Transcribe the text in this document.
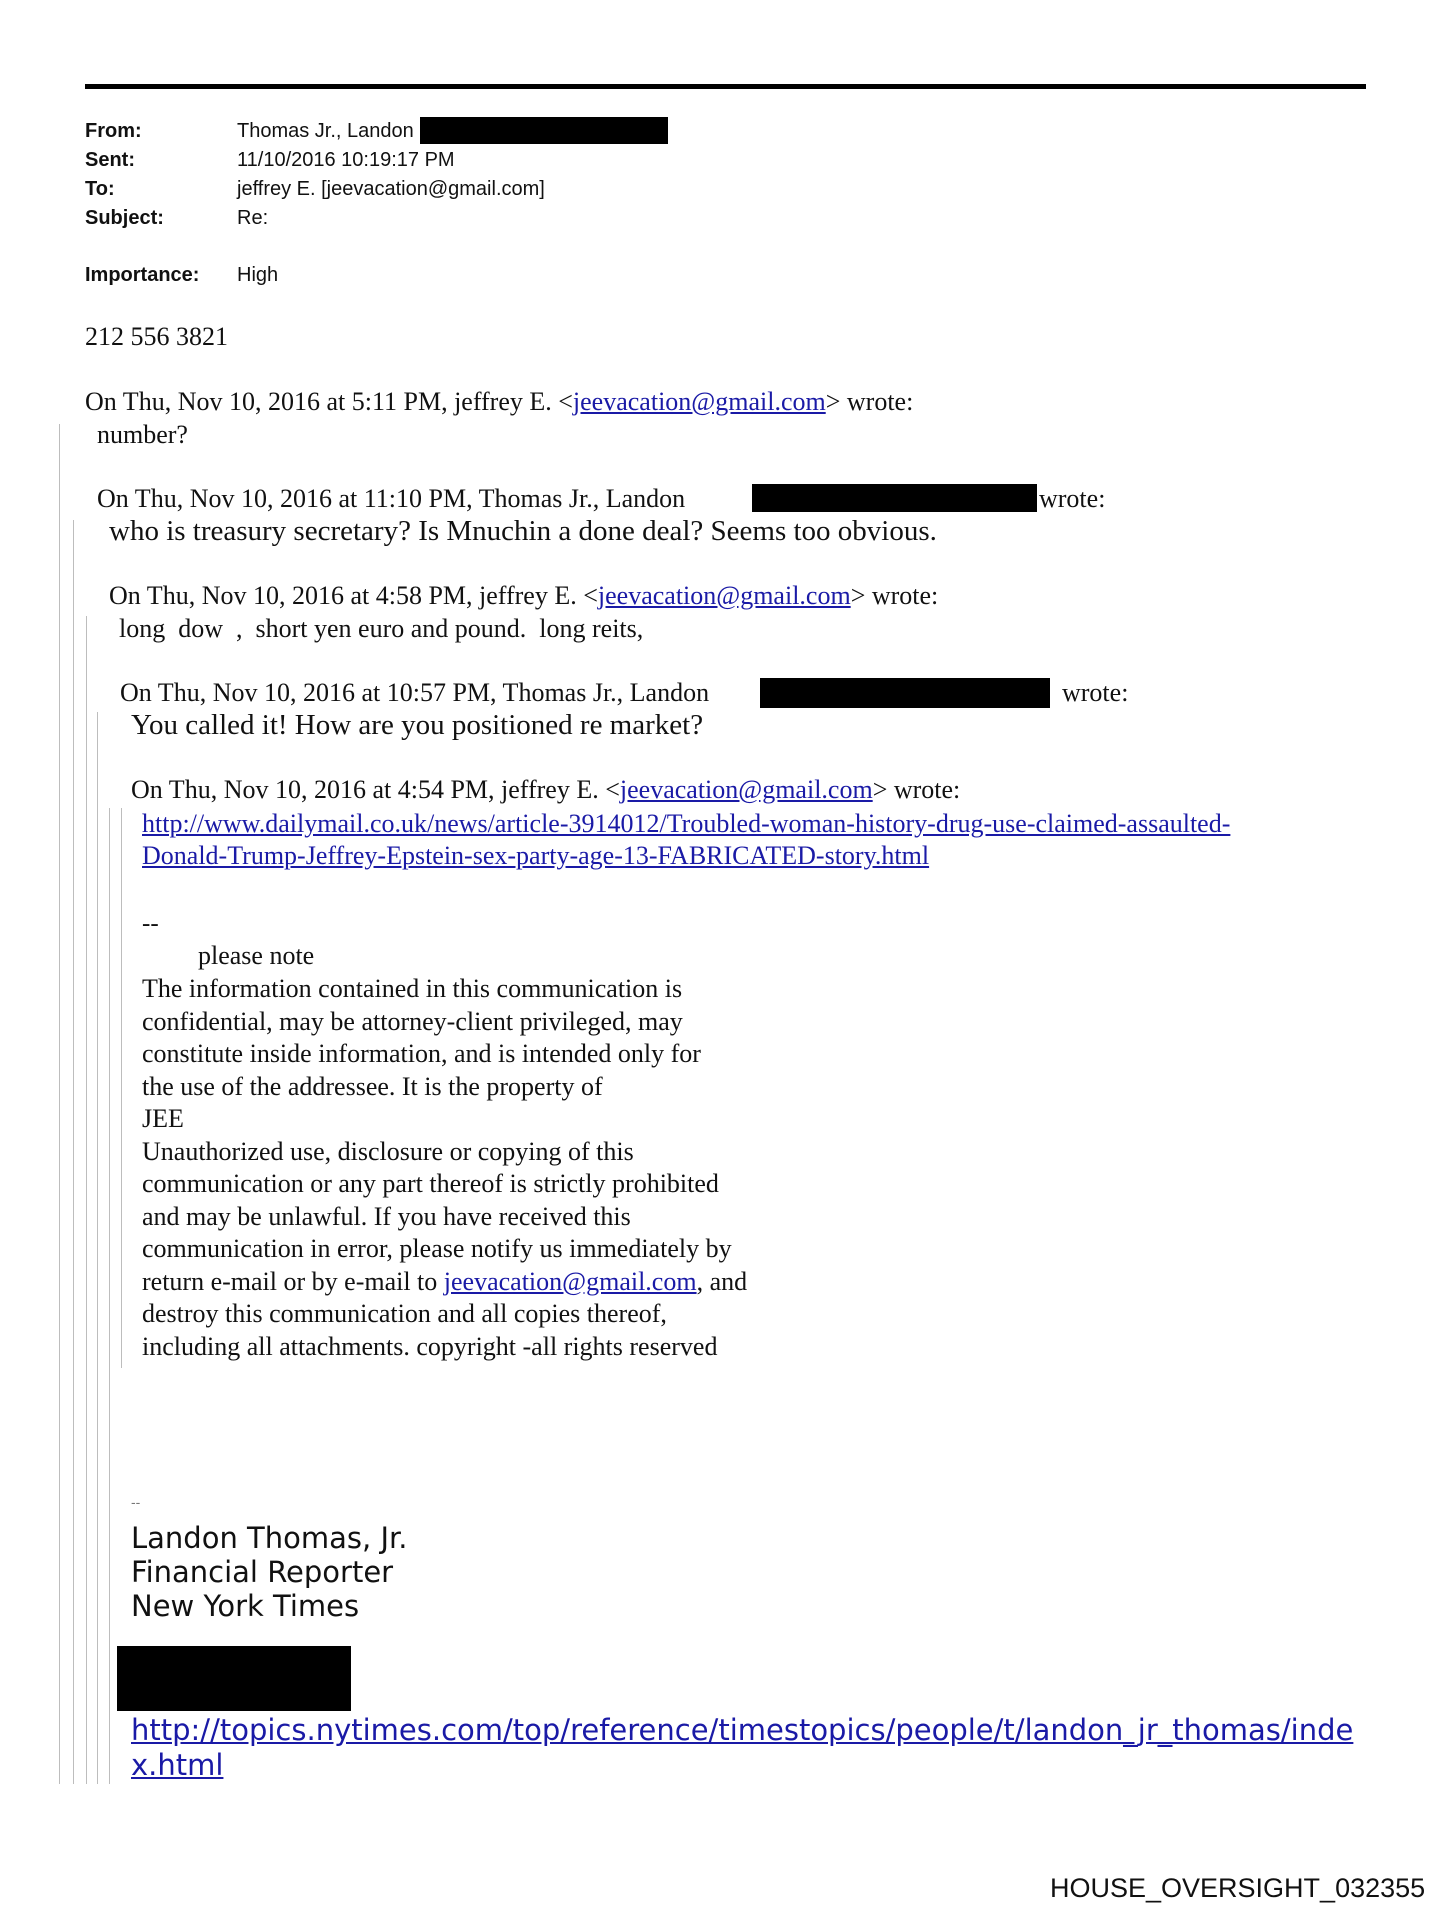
From:	Thomas Jr., Landon
Sent:	11/10/2016 10:19:17 PM
To:	jeffrey E. [jeevacation@gmail.com]
Subject:	Re:
Importance: High
212 556 3821
On Thu, Nov 10, 2016 at 5:11 PM, jeffrey E. <jeevacation@gmail.com> wrote:
number?
On Thu, Nov 10, 2016 at 11:10 PM, Thomas Jr., Landon	wrote:
who is treasury secretary? Is Mnuchin a done deal? Seems too obvious.
On Thu, Nov 10, 2016 at 4:58 PM, jeffrey E. <jeevacation@gmail.com> wrote:
long  dow  ,  short yen euro and pound.  long reits,
On Thu, Nov 10, 2016 at 10:57 PM, Thomas Jr., Landon	wrote:
You called it! How are you positioned re market?
On Thu, Nov 10, 2016 at 4:54 PM, jeffrey E. <jeevacation@gmail.com> wrote:
http://www.dailymail.co.uk/news/article-3914012/Troubled-woman-history-drug-use-claimed-assaulted-
Donald-Trump-Jeffrey-Epstein-sex-party-age-13-FABRICATED-story.html
--
please note
The information contained in this communication is
confidential, may be attorney-client privileged, may
constitute inside information, and is intended only for
the use of the addressee. It is the property of
JEE
Unauthorized use, disclosure or copying of this
communication or any part thereof is strictly prohibited
and may be unlawful. If you have received this
communication in error, please notify us immediately by
return e-mail or by e-mail to jeevacation@gmail.com, and
destroy this communication and all copies thereof,
including all attachments. copyright -all rights reserved
--
Landon Thomas, Jr.
Financial Reporter
New York Times
http://topics.nytimes.com/top/reference/timestopics/people/t/landon_jr_thomas/inde
x.html
HOUSE_OVERSIGHT_032355
